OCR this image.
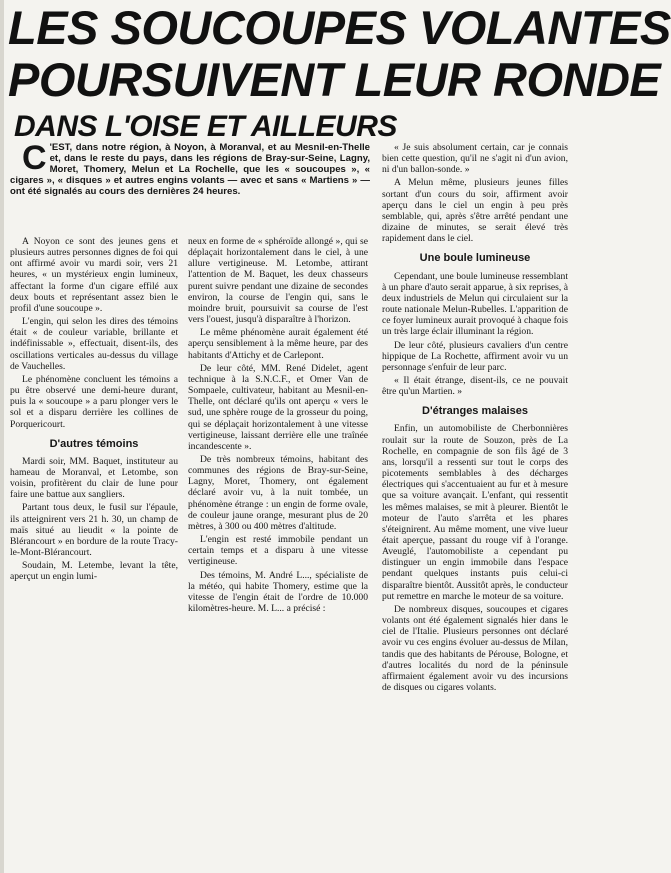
LES SOUCOUPES VOLANTES
POURSUIVENT LEUR RONDE
DANS L'OISE ET AILLEURS
C 'EST, dans notre région, à Noyon, à Moranval, et au Mesnil-en-Thelle et, dans le reste du pays, dans les régions de Bray-sur-Seine, Lagny, Moret, Thomery, Melun et La Rochelle, que les « soucoupes », « cigares », « disques » et autres engins volants — avec et sans « Martiens » — ont été signalés au cours des dernières 24 heures.

A Noyon ce sont des jeunes gens et plusieurs autres personnes dignes de foi qui ont affirmé avoir vu mardi soir, vers 21 heures, « un mystérieux engin lumineux, affectant la forme d'un cigare effilé aux deux bouts et représentant assez bien le profil d'une soucoupe ».

L'engin, qui selon les dires des témoins était « de couleur variable, brillante et indéfinissable », effectuait, disent-ils, des oscillations verticales au-dessus du village de Vauchelles.

Le phénomène concluent les témoins a pu être observé une demi-heure durant, puis la « soucoupe » a paru plonger vers le sol et a disparu derrière les collines de Porquericourt.

D'autres témoins

Mardi soir, MM. Baquet, instituteur au hameau de Moranval, et Letombe, son voisin, profitèrent du clair de lune pour faire une battue aux sangliers.

Partant tous deux, le fusil sur l'épaule, ils atteignirent vers 21 h. 30, un champ de maïs situé au lieudit « la pointe de Blérancourt » en bordure de la route Tracy-le-Mont-Blérancourt.

Soudain, M. Letembe, levant la tête, aperçut un engin lumi-

neux en forme de « sphéroïde allongé », qui se déplaçait horizontalement dans le ciel, à une allure vertigineuse. M. Letombe, attirant l'attention de M. Baquet, les deux chasseurs purent suivre pendant une dizaine de secondes environ, la course de l'engin qui, sans le moindre bruit, poursuivit sa course de l'est vers l'ouest, jusqu'à disparaître à l'horizon.

Le même phénomène aurait également été aperçu sensiblement à la même heure, par des habitants d'Attichy et de Carlepont.

De leur côté, MM. René Didelet, agent technique à la S.N.C.F., et Omer Van de Sompaele, cultivateur, habitant au Mesnil-en-Thelle, ont déclaré qu'ils ont aperçu « vers le sud, une sphère rouge de la grosseur du poing, qui se déplaçait horizontalement à une vitesse vertigineuse, laissant derrière elle une traînée incandescente ».

De très nombreux témoins, habitant des communes des régions de Bray-sur-Seine, Lagny, Moret, Thomery, ont également déclaré avoir vu, à la nuit tombée, un phénomène étrange : un engin de forme ovale, de couleur jaune orange, mesurant plus de 20 mètres, à 300 ou 400 mètres d'altitude.

L'engin est resté immobile pendant un certain temps et a disparu à une vitesse vertigineuse.

Des témoins, M. André L..., spécialiste de la météo, qui habite Thomery, estime que la vitesse de l'engin était de l'ordre de 10.000 kilomètres-heure. M. L... a précisé :

« Je suis absolument certain, car je connais bien cette question, qu'il ne s'agit ni d'un avion, ni d'un ballon-sonde. »

A Melun même, plusieurs jeunes filles sortant d'un cours du soir, affirment avoir aperçu dans le ciel un engin à peu près semblable, qui, après s'être arrêté pendant une dizaine de minutes, se serait élevé très rapidement dans le ciel.

Une boule lumineuse

Cependant, une boule lumineuse ressemblant à un phare d'auto serait apparue, à six reprises, à deux industriels de Melun qui circulaient sur la route nationale Melun-Rubelles. L'apparition de ce foyer lumineux aurait provoqué à chaque fois un très large éclair illuminant la région.

De leur côté, plusieurs cavaliers d'un centre hippique de La Rochette, affirment avoir vu un personnage s'enfuir de leur parc.

« Il était étrange, disent-ils, ce ne pouvait être qu'un Martien. »

D'étranges malaises

Enfin, un automobiliste de Cherbonnières roulait sur la route de Souzon, près de La Rochelle, en compagnie de son fils âgé de 3 ans, lorsqu'il a ressenti sur tout le corps des picotements semblables à des décharges électriques qui s'accentuaient au fur et à mesure que sa voiture avançait. L'enfant, qui ressentit les mêmes malaises, se mit à pleurer. Bientôt le moteur de l'auto s'arrêta et les phares s'éteignirent. Au même moment, une vive lueur était aperçue, passant du rouge vif à l'orange. Aveuglé, l'automobiliste a cependant pu distinguer un engin immobile dans l'espace pendant quelques instants puis celui-ci disparaître bientôt. Aussitôt après, le conducteur put remettre en marche le moteur de sa voiture.

De nombreux disques, soucoupes et cigares volants ont été également signalés hier dans le ciel de l'Italie. Plusieurs personnes ont déclaré avoir vu ces engins évoluer au-dessus de Milan, tandis que des habitants de Pérouse, Bologne, et d'autres localités du nord de la péninsule affirmaient également avoir vu des incursions de disques ou cigares volants.
